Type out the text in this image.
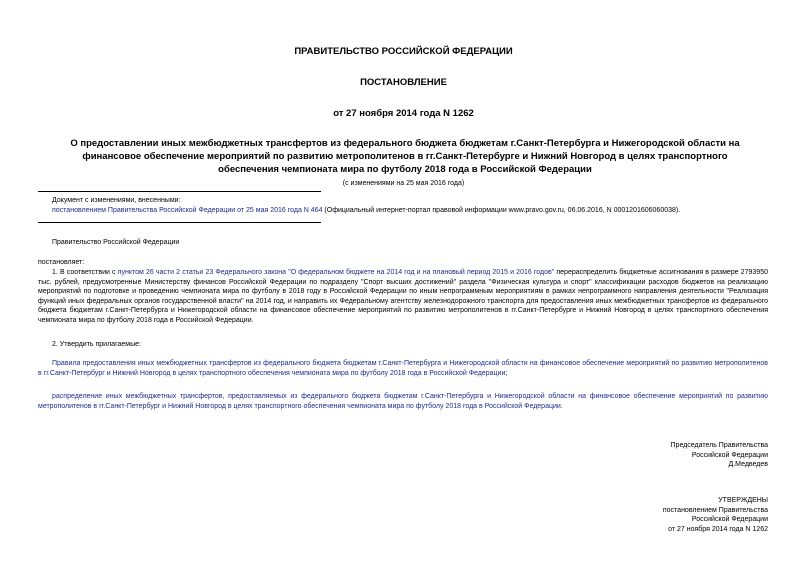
ПРАВИТЕЛЬСТВО РОССИЙСКОЙ ФЕДЕРАЦИИ
ПОСТАНОВЛЕНИЕ
от 27 ноября 2014 года N 1262
О предоставлении иных межбюджетных трансфертов из федерального бюджета бюджетам г.Санкт-Петербурга и Нижегородской области на финансовое обеспечение мероприятий по развитию метрополитенов в гг.Санкт-Петербурге и Нижний Новгород в целях транспортного обеспечения чемпионата мира по футболу 2018 года в Российской Федерации
(с изменениями на 25 мая 2016 года)
Документ с изменениями, внесенными:
постановлением Правительства Российской Федерации от 25 мая 2016 года N 464 (Официальный интернет-портал правовой информации www.pravo.gov.ru, 06.06.2016, N 0001201606060038).
Правительство Российской Федерации
постановляет:
1. В соответствии с пунктом 26 части 2 статьи 23 Федерального закона "О федеральном бюджете на 2014 год и на плановый период 2015 и 2016 годов" перераспределить бюджетные ассигнования в размере 2793950 тыс. рублей, предусмотренные Министерству финансов Российской Федерации по подразделу "Спорт высших достижений" раздела "Физическая культура и спорт" классификации расходов бюджетов на реализацию мероприятий по подготовке и проведению чемпионата мира по футболу в 2018 году в Российской Федерации по иным непрограммным мероприятиям в рамках непрограммного направления деятельности "Реализация функций иных федеральных органов государственной власти" на 2014 год, и направить их Федеральному агентству железнодорожного транспорта для предоставления иных межбюджетных трансфертов из федерального бюджета бюджетам г.Санкт-Петербурга и Нижегородской области на финансовое обеспечение мероприятий по развитию метрополитенов в гг.Санкт-Петербурге и Нижний Новгород в целях транспортного обеспечения чемпионата мира по футболу 2018 года в Российской Федерации.
2. Утвердить прилагаемые:
Правила предоставления иных межбюджетных трансфертов из федерального бюджета бюджетам г.Санкт-Петербурга и Нижегородской области на финансовое обеспечение мероприятий по развитию метрополитенов в гг.Санкт-Петербург и Нижний Новгород в целях транспортного обеспечения чемпионата мира по футболу 2018 года в Российской Федерации;
распределение иных межбюджетных трансфертов, предоставляемых из федерального бюджета бюджетам г.Санкт-Петербурга и Нижегородской области на финансовое обеспечение мероприятий по развитию метрополитенов в гг.Санкт-Петербург и Нижний Новгород в целях транспортного обеспечения чемпионата мира по футболу 2018 года в Российской Федерации.
Председатель Правительства
Российской Федерации
Д.Медведев
УТВЕРЖДЕНЫ
постановлением Правительства
Российской Федерации
от 27 ноября 2014 года N 1262
